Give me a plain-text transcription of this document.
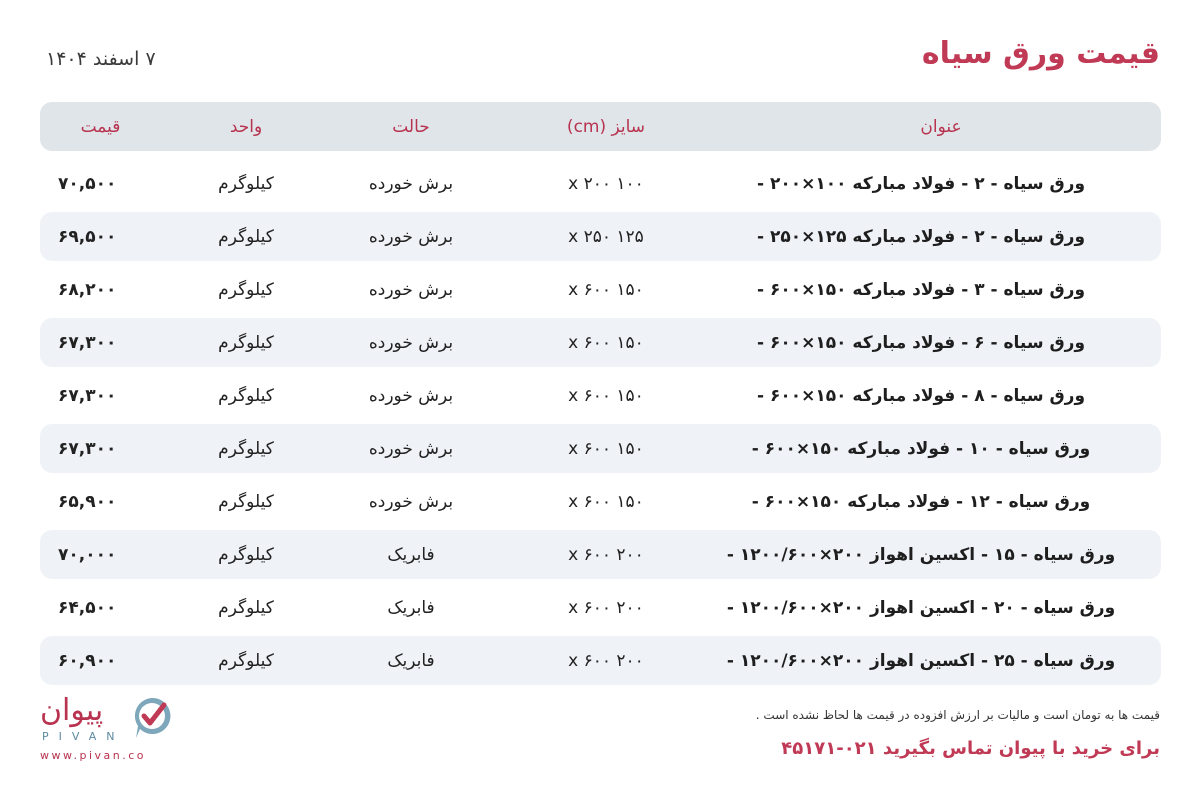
قیمت ورق سیاه
۷ اسفند ۱۴۰۴
عنوان
سایز (cm)
حالت
واحد
قیمت
ورق سیاه - ۲ - فولاد مبارکه ۱۰۰×۲۰۰ -
۱۰۰ x ۲۰۰
برش خورده
کیلوگرم
۷۰,۵۰۰
ورق سیاه - ۲ - فولاد مبارکه ۱۲۵×۲۵۰ -
۱۲۵ x ۲۵۰
برش خورده
کیلوگرم
۶۹,۵۰۰
ورق سیاه - ۳ - فولاد مبارکه ۱۵۰×۶۰۰ -
۱۵۰ x ۶۰۰
برش خورده
کیلوگرم
۶۸,۲۰۰
ورق سیاه - ۶ - فولاد مبارکه ۱۵۰×۶۰۰ -
۱۵۰ x ۶۰۰
برش خورده
کیلوگرم
۶۷,۳۰۰
ورق سیاه - ۸ - فولاد مبارکه ۱۵۰×۶۰۰ -
۱۵۰ x ۶۰۰
برش خورده
کیلوگرم
۶۷,۳۰۰
ورق سیاه - ۱۰ - فولاد مبارکه ۱۵۰×۶۰۰ -
۱۵۰ x ۶۰۰
برش خورده
کیلوگرم
۶۷,۳۰۰
ورق سیاه - ۱۲ - فولاد مبارکه ۱۵۰×۶۰۰ -
۱۵۰ x ۶۰۰
برش خورده
کیلوگرم
۶۵,۹۰۰
ورق سیاه - ۱۵ - اکسین اهواز ۲۰۰×۱۲۰۰/۶۰۰ -
۲۰۰ x ۶۰۰
فابریک
کیلوگرم
۷۰,۰۰۰
ورق سیاه - ۲۰ - اکسین اهواز ۲۰۰×۱۲۰۰/۶۰۰ -
۲۰۰ x ۶۰۰
فابریک
کیلوگرم
۶۴,۵۰۰
ورق سیاه - ۲۵ - اکسین اهواز ۲۰۰×۱۲۰۰/۶۰۰ -
۲۰۰ x ۶۰۰
فابریک
کیلوگرم
۶۰,۹۰۰
قیمت ها به تومان است و مالیات بر ارزش افزوده در قیمت ها لحاظ نشده است .
برای خرید با پیوان تماس بگیرید ۰۲۱-۴۵۱۷۱
پیوان
PIVAN
www.pivan.co
